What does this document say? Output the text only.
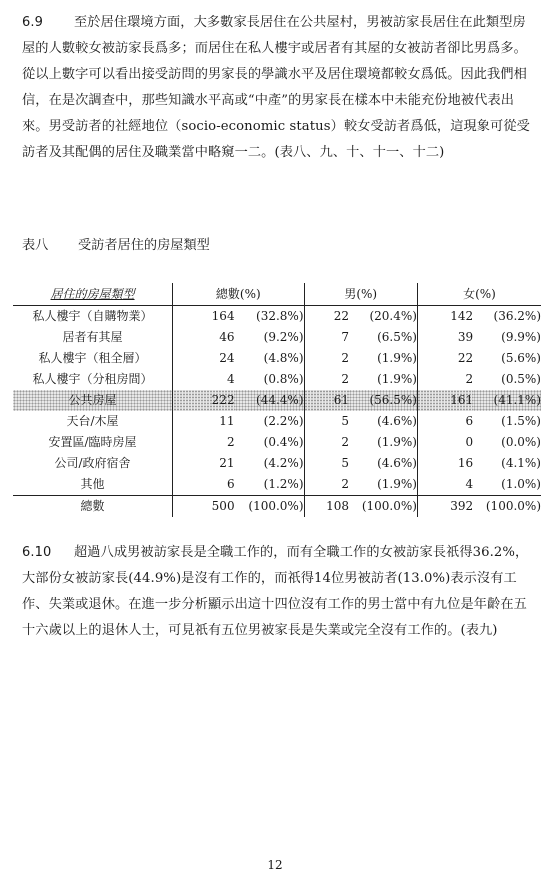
6.9 至於居住環境方面，大多數家長居住在公共屋村，男被訪家長居住在此類型房屋的人數較女被訪家長爲多；而居住在私人樓宇或居者有其屋的女被訪者卻比男爲多。從以上數字可以看出接受訪問的男家長的學識水平及居住環境都較女爲低。因此我們相信，在是次調查中，那些知識水平高或“中產”的男家長在樣本中未能充份地被代表出來。男受訪者的社經地位（socio-economic status）較女受訪者爲低，這現象可從受訪者及其配偶的居住及職業當中略窺一二。(表八、九、十、十一、十二)

表八 受訪者居住的房屋類型
居住的房屋類型	總數(%)		男(%)		女(%)	
私人樓宇（自購物業）	164	(32.8%)	22	(20.4%)	142	(36.2%)
居者有其屋	46	(9.2%)	7	(6.5%)	39	(9.9%)
私人樓宇（租全層）	24	(4.8%)	2	(1.9%)	22	(5.6%)
私人樓宇（分租房間）	4	(0.8%)	2	(1.9%)	2	(0.5%)
公共房屋	222	(44.4%)	61	(56.5%)	161	(41.1%)
天台/木屋	11	(2.2%)	5	(4.6%)	6	(1.5%)
安置區/臨時房屋	2	(0.4%)	2	(1.9%)	0	(0.0%)
公司/政府宿舍	21	(4.2%)	5	(4.6%)	16	(4.1%)
其他	6	(1.2%)	2	(1.9%)	4	(1.0%)
總數	500	(100.0%)	108	(100.0%)	392	(100.0%)

6.10 超過八成男被訪家長是全職工作的，而有全職工作的女被訪家長祇得36.2%，大部份女被訪家長(44.9%)是沒有工作的，而祇得14位男被訪者(13.0%)表示沒有工作、失業或退休。在進一步分析顯示出這十四位沒有工作的男士當中有九位是年齡在五十六歲以上的退休人士，可見祇有五位男被家長是失業或完全沒有工作的。(表九)

12
